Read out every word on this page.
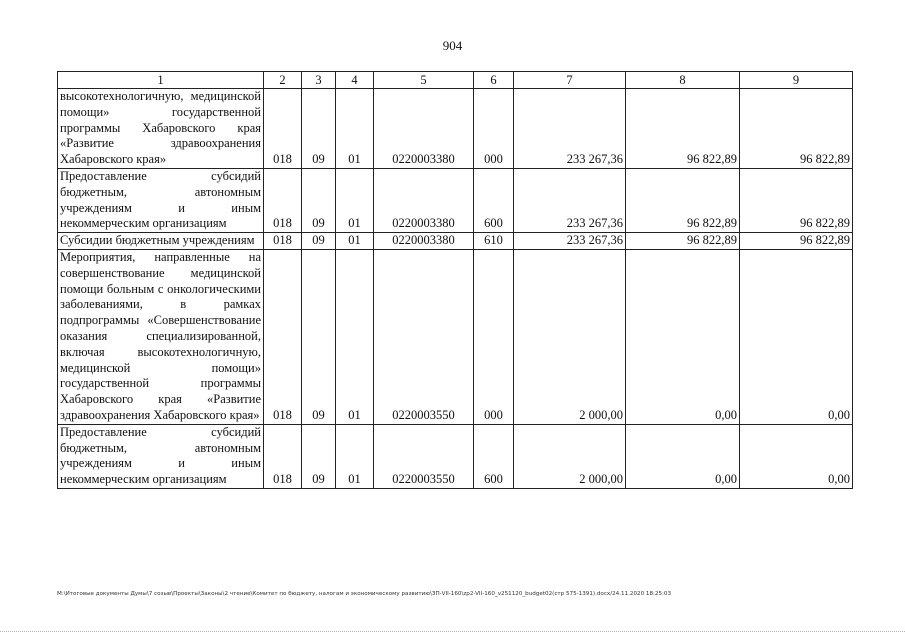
904
1	2	3	4	5	6	7	8	9
высокотехнологичную, медицинской помощи» государственной программы Хабаровского края «Развитие здравоохранения Хабаровского края»	018	09	01	0220003380	000	233 267,36	96 822,89	96 822,89
Предоставление субсидий бюджетным, автономным учреждениям и иным некоммерческим организациям	018	09	01	0220003380	600	233 267,36	96 822,89	96 822,89
Субсидии бюджетным учреждениям	018	09	01	0220003380	610	233 267,36	96 822,89	96 822,89
Мероприятия, направленные на совершенствование медицинской помощи больным с онкологическими заболеваниями, в рамках подпрограммы «Совершенствование оказания специализированной, включая высокотехнологичную, медицинской помощи» государственной программы Хабаровского края «Развитие здравоохранения Хабаровского края»	018	09	01	0220003550	000	2 000,00	0,00	0,00
Предоставление субсидий бюджетным, автономным учреждениям и иным некоммерческим организациям	018	09	01	0220003550	600	2 000,00	0,00	0,00
M:\Итоговые документы Думы\7 созыв\Проекты\Законы\2 чтение\Комитет по бюджету, налогам и экономическому развитию\ЗП-VII-160\zp2-VII-160_v251120_budget02(стр 575-1391).docx/24.11.2020 18:25:03
